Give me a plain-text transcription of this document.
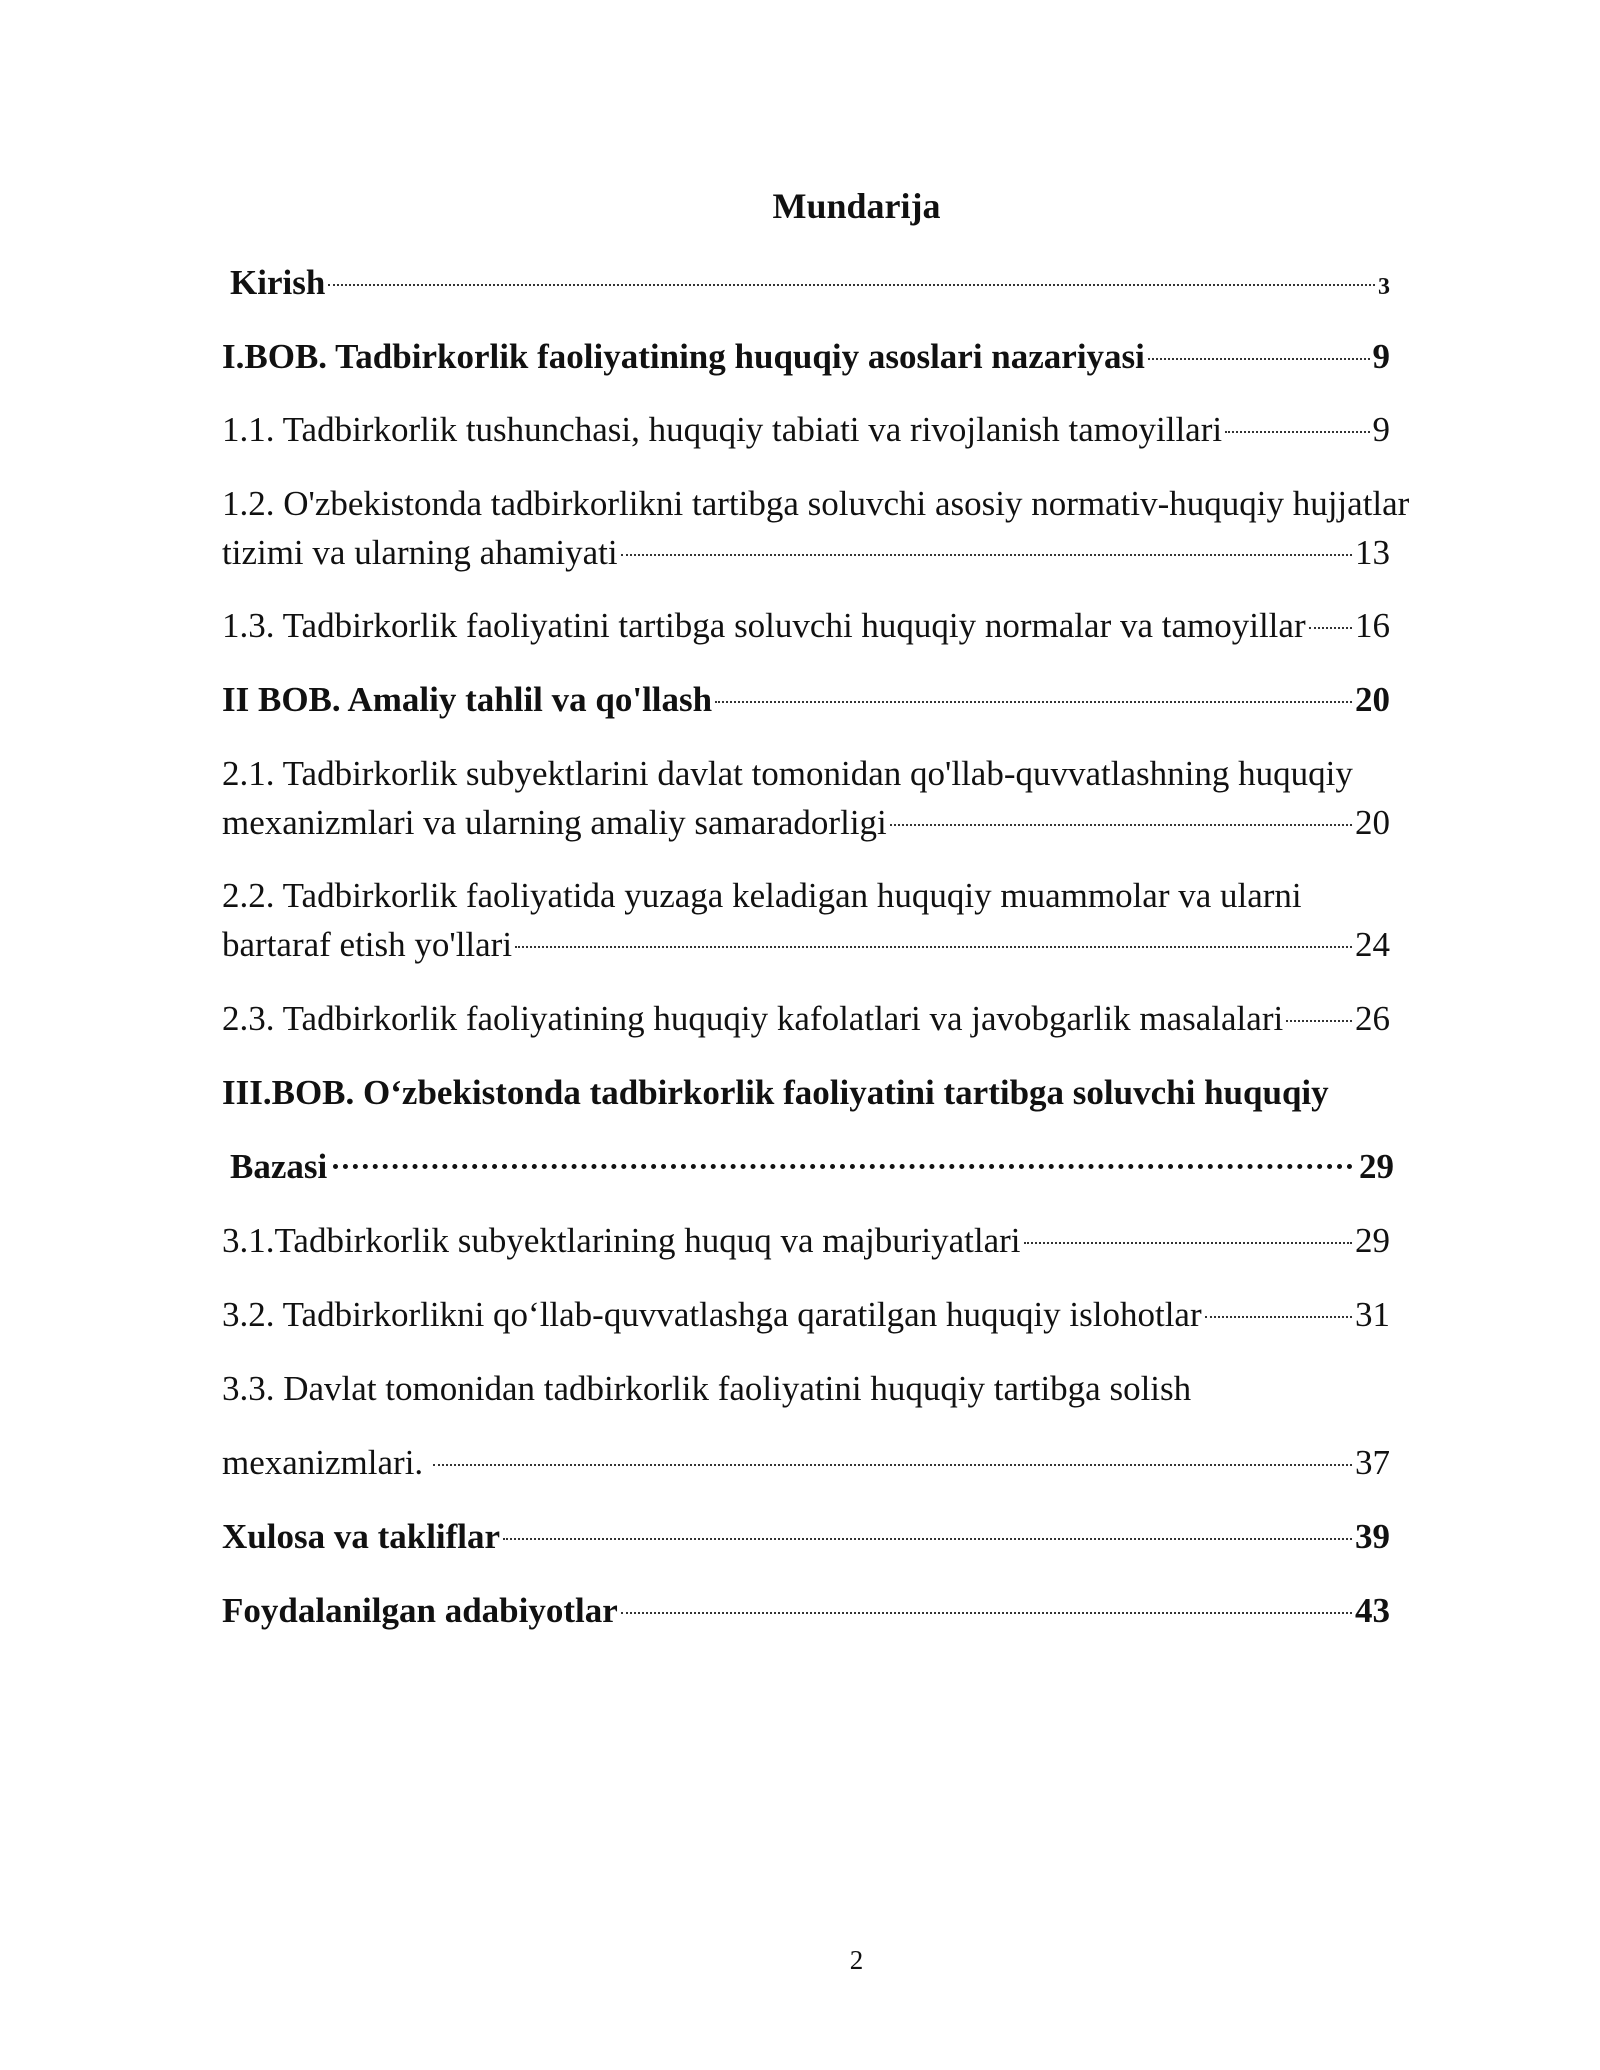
Mundarija
Kirish	3
I.BOB. Tadbirkorlik faoliyatining huquqiy asoslari nazariyasi	9
1.1. Tadbirkorlik tushunchasi, huquqiy tabiati va rivojlanish tamoyillari	9
1.2. O'zbekistonda tadbirkorlikni tartibga soluvchi asosiy normativ-huquqiy hujjatlar
tizimi va ularning ahamiyati	13
1.3. Tadbirkorlik faoliyatini tartibga soluvchi huquqiy normalar va tamoyillar 16
II BOB. Amaliy tahlil va qo'llash	20
2.1. Tadbirkorlik subyektlarini davlat tomonidan qo'llab-quvvatlashning huquqiy
mexanizmlari va ularning amaliy samaradorligi	20
2.2. Tadbirkorlik faoliyatida yuzaga keladigan huquqiy muammolar va ularni
bartaraf etish yo'llari	24
2.3. Tadbirkorlik faoliyatining huquqiy kafolatlari va javobgarlik masalalari 26
III.BOB. O‘zbekistonda tadbirkorlik faoliyatini tartibga soluvchi huquqiy
Bazasi	29
3.1.Tadbirkorlik subyektlarining huquq va majburiyatlari	29
3.2. Tadbirkorlikni qo‘llab-quvvatlashga qaratilgan huquqiy islohotlar	31
3.3. Davlat tomonidan tadbirkorlik faoliyatini huquqiy tartibga solish
mexanizmlari.	37
Xulosa va takliflar	39
Foydalanilgan adabiyotlar	43
2
